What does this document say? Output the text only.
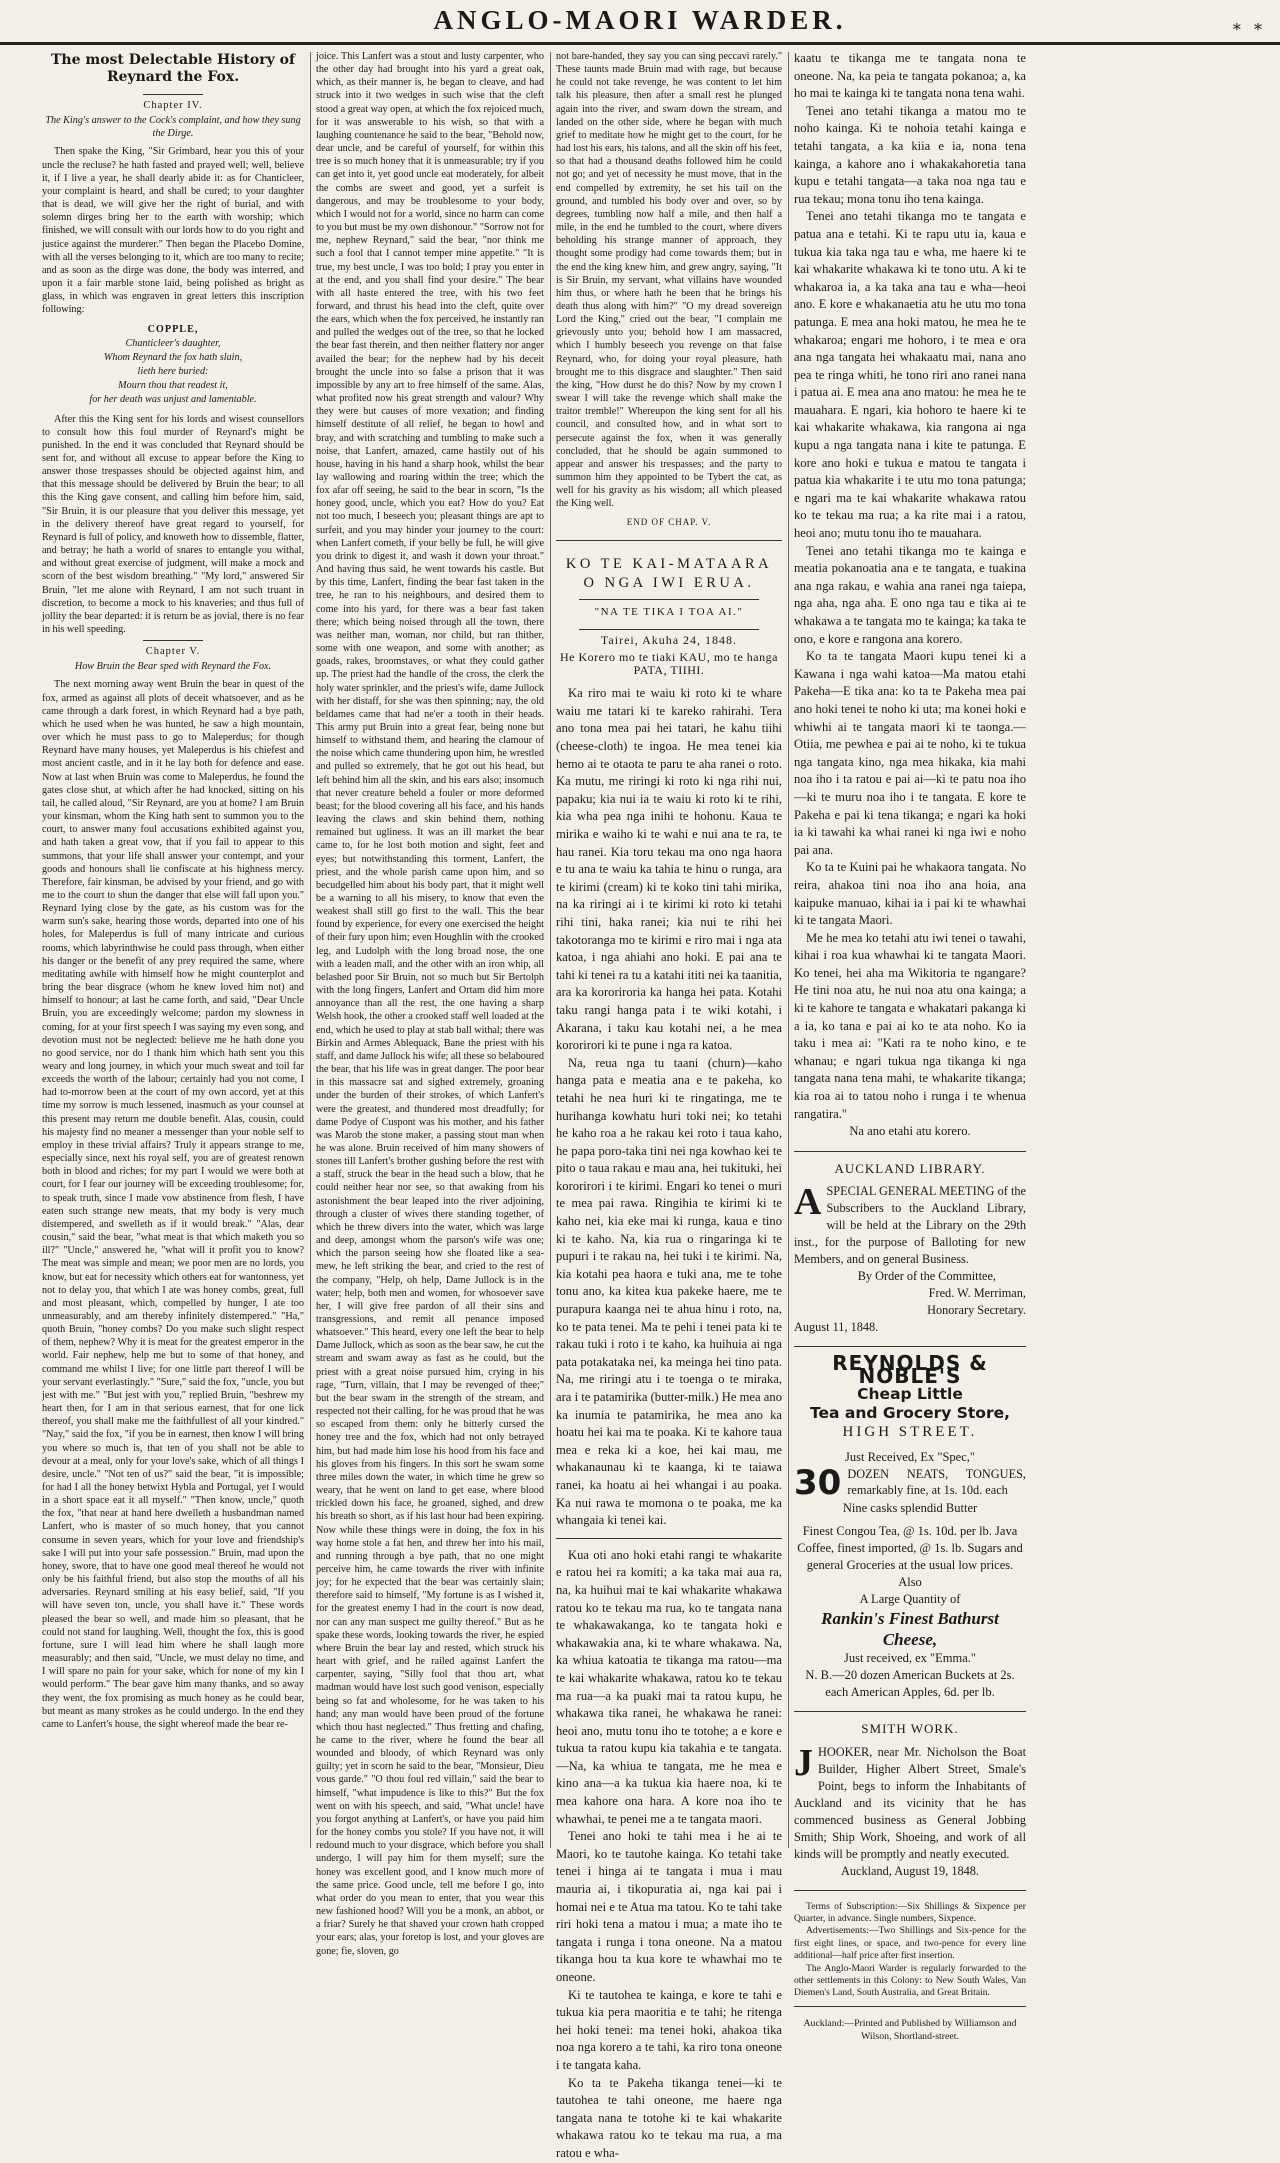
ANGLO-MAORI WARDER.	* *
The most Delectable History of Reynard the Fox.
Chapter IV.
The King's answer to the Cock's complaint, and how they sung the Dirge.

Then spake the King, "Sir Grimbard, hear you this of your uncle the recluse? he hath fasted and prayed well; well, believe it, if I live a year, he shall dearly abide it: as for Chanticleer, your complaint is heard, and shall be cured; to your daughter that is dead, we will give her the right of burial, and with solemn dirges bring her to the earth with worship; which finished, we will consult with our lords how to do you right and justice against the murderer." Then began the Placebo Domine, with all the verses belonging to it, which are too many to recite; and as soon as the dirge was done, the body was interred, and upon it a fair marble stone laid, being polished as bright as glass, in which was engraven in great letters this inscription following:

COPPLE,
Chanticleer's daughter,
Whom Reynard the fox hath slain,
lieth here buried:
Mourn thou that readest it,
for her death was unjust and lamentable.

After this the King sent for his lords and wisest counsellors to consult how this foul murder of Reynard's might be punished. In the end it was concluded that Reynard should be sent for, and without all excuse to appear before the King to answer those trespasses should be objected against him, and that this message should be delivered by Bruin the bear; to all this the King gave consent, and calling him before him, said, "Sir Bruin, it is our pleasure that you deliver this message, yet in the delivery thereof have great regard to yourself, for Reynard is full of policy, and knoweth how to dissemble, flatter, and betray; he hath a world of snares to entangle you withal, and without great exercise of judgment, will make a mock and scorn of the best wisdom breathing." "My lord," answered Sir Bruin, "let me alone with Reynard, I am not such truant in discretion, to become a mock to his knaveries; and thus full of jollity the bear departed: it is return be as jovial, there is no fear in his well speeding.

Chapter V.
How Bruin the Bear sped with Reynard the Fox.

The next morning away went Bruin the bear in quest of the fox, armed as against all plots of deceit whatsoever, and as he came through a dark forest, in which Reynard had a bye path, which he used when he was hunted, he saw a high mountain, over which he must pass to go to Maleperdus; for though Reynard have many houses, yet Maleperdus is his chiefest and most ancient castle, and in it he lay both for defence and ease. Now at last when Bruin was come to Maleperdus, he found the gates close shut, at which after he had knocked, sitting on his tail, he called aloud, "Sir Reynard, are you at home? I am Bruin your kinsman, whom the King hath sent to summon you to the court, to answer many foul accusations exhibited against you, and hath taken a great vow, that if you fail to appear to this summons, that your life shall answer your contempt, and your goods and honours shall lie confiscate at his highness mercy. Therefore, fair kinsman, be advised by your friend, and go with me to the court to shun the danger that else will fall upon you." Reynard lying close by the gate, as his custom was for the warm sun's sake, hearing those words, departed into one of his holes, for Maleperdus is full of many intricate and curious rooms, which labyrinthwise he could pass through, when either his danger or the benefit of any prey required the same, where meditating awhile with himself how he might counterplot and bring the bear disgrace (whom he knew loved him not) and himself to honour; at last he came forth, and said, "Dear Uncle Bruin, you are exceedingly welcome; pardon my slowness in coming, for at your first speech I was saying my even song, and devotion must not be neglected: believe me he hath done you no good service, nor do I thank him which hath sent you this weary and long journey, in which your much sweat and toil far exceeds the worth of the labour; certainly had you not come, I had to-morrow been at the court of my own accord, yet at this time my sorrow is much lessened, inasmuch as your counsel at this present may return me double benefit. Alas, cousin, could his majesty find no meaner a messenger than your noble self to employ in these trivial affairs? Truly it appears strange to me, especially since, next his royal self, you are of greatest renown both in blood and riches; for my part I would we were both at court, for I fear our journey will be exceeding troublesome; for, to speak truth, since I made vow abstinence from flesh, I have eaten such strange new meats, that my body is very much distempered, and swelleth as if it would break." "Alas, dear cousin," said the bear, "what meat is that which maketh you so ill?" "Uncle," answered he, "what will it profit you to know? The meat was simple and mean; we poor men are no lords, you know, but eat for necessity which others eat for wantonness, yet not to delay you, that which I ate was honey combs, great, full and most pleasant, which, compelled by hunger, I ate too unmeasurably, and am thereby infinitely distempered." "Ha," quoth Bruin, "honey combs? Do you make such slight respect of them, nephew? Why it is meat for the greatest emperor in the world. Fair nephew, help me but to some of that honey, and command me whilst I live; for one little part thereof I will be your servant everlastingly." "Sure," said the fox, "uncle, you but jest with me." "But jest with you," replied Bruin, "beshrew my heart then, for I am in that serious earnest, that for one lick thereof, you shall make me the faithfullest of all your kindred." "Nay," said the fox, "if you be in earnest, then know I will bring you where so much is, that ten of you shall not be able to devour at a meal, only for your love's sake, which of all things I desire, uncle." "Not ten of us?" said the bear, "it is impossible; for had I all the honey betwixt Hybla and Portugal, yet I would in a short space eat it all myself." "Then know, uncle," quoth the fox, "that near at hand here dwelleth a husbandman named Lanfert, who is master of so much honey, that you cannot consume in seven years, which for your love and friendship's sake I will put into your safe possession." Bruin, mad upon the honey, swore, that to have one good meal thereof he would not only be his faithful friend, but also stop the mouths of all his adversaries. Reynard smiling at his easy belief, said, "If you will have seven ton, uncle, you shall have it." These words pleased the bear so well, and made him so pleasant, that he could not stand for laughing. Well, thought the fox, this is good fortune, sure I will lead him where he shall laugh more measurably; and then said, "Uncle, we must delay no time, and I will spare no pain for your sake, which for none of my kin I would perform." The bear gave him many thanks, and so away they went, the fox promising as much honey as he could bear, but meant as many strokes as he could undergo. In the end they came to Lanfert's house, the sight whereof made the bear re-

joice. This Lanfert was a stout and lusty carpenter, who the other day had brought into his yard a great oak, which, as their manner is, he began to cleave, and had struck into it two wedges in such wise that the cleft stood a great way open, at which the fox rejoiced much, for it was answerable to his wish, so that with a laughing countenance he said to the bear, "Behold now, dear uncle, and be careful of yourself, for within this tree is so much honey that it is unmeasurable; try if you can get into it, yet good uncle eat moderately, for albeit the combs are sweet and good, yet a surfeit is dangerous, and may be troublesome to your body, which I would not for a world, since no harm can come to you but must be my own dishonour." "Sorrow not for me, nephew Reynard," said the bear, "nor think me such a fool that I cannot temper mine appetite." "It is true, my best uncle, I was too bold; I pray you enter in at the end, and you shall find your desire." The bear with all haste entered the tree, with his two feet forward, and thrust his head into the cleft, quite over the ears, which when the fox perceived, he instantly ran and pulled the wedges out of the tree, so that he locked the bear fast therein, and then neither flattery nor anger availed the bear; for the nephew had by his deceit brought the uncle into so false a prison that it was impossible by any art to free himself of the same. Alas, what profited now his great strength and valour? Why they were but causes of more vexation; and finding himself destitute of all relief, he began to howl and bray, and with scratching and tumbling to make such a noise, that Lanfert, amazed, came hastily out of his house, having in his hand a sharp hook, whilst the bear lay wallowing and roaring within the tree; which the fox afar off seeing, he said to the bear in scorn, "Is the honey good, uncle, which you eat? How do you? Eat not too much, I beseech you; pleasant things are apt to surfeit, and you may hinder your journey to the court: when Lanfert cometh, if your belly be full, he will give you drink to digest it, and wash it down your throat." And having thus said, he went towards his castle. But by this time, Lanfert, finding the bear fast taken in the tree, he ran to his neighbours, and desired them to come into his yard, for there was a bear fast taken there; which being noised through all the town, there was neither man, woman, nor child, but ran thither, some with one weapon, and some with another; as goads, rakes, broomstaves, or what they could gather up. The priest had the handle of the cross, the clerk the holy water sprinkler, and the priest's wife, dame Jullock with her distaff, for she was then spinning; nay, the old beldames came that had ne'er a tooth in their heads. This army put Bruin into a great fear, being none but himself to withstand them, and hearing the clamour of the noise which came thundering upon him, he wrestled and pulled so extremely, that he got out his head, but left behind him all the skin, and his ears also; insomuch that never creature beheld a fouler or more deformed beast; for the blood covering all his face, and his hands leaving the claws and skin behind them, nothing remained but ugliness. It was an ill market the bear came to, for he lost both motion and sight, feet and eyes; but notwithstanding this torment, Lanfert, the priest, and the whole parish came upon him, and so becudgelled him about his body part, that it might well be a warning to all his misery, to know that even the weakest shall still go first to the wall. This the bear found by experience, for every one exercised the height of their fury upon him; even Houghlin with the crooked leg, and Ludolph with the long broad nose, the one with a leaden mall, and the other with an iron whip, all belashed poor Sir Bruin, not so much but Sir Bertolph with the long fingers, Lanfert and Ortam did him more annoyance than all the rest, the one having a sharp Welsh hook, the other a crooked staff well loaded at the end, which he used to play at stab ball withal; there was Birkin and Armes Ablequack, Bane the priest with his staff, and dame Jullock his wife; all these so belaboured the bear, that his life was in great danger. The poor bear in this massacre sat and sighed extremely, groaning under the burden of their strokes, of which Lanfert's were the greatest, and thundered most dreadfully; for dame Podye of Cuspont was his mother, and his father was Marob the stone maker, a passing stout man when he was alone. Bruin received of him many showers of stones till Lanfert's brother gushing before the rest with a staff, struck the bear in the head such a blow, that he could neither hear nor see, so that awaking from his astonishment the bear leaped into the river adjoining, through a cluster of wives there standing together, of which he threw divers into the water, which was large and deep, amongst whom the parson's wife was one; which the parson seeing how she floated like a sea-mew, he left striking the bear, and cried to the rest of the company, "Help, oh help, Dame Jullock is in the water; help, both men and women, for whosoever save her, I will give free pardon of all their sins and transgressions, and remit all penance imposed whatsoever." This heard, every one left the bear to help Dame Jullock, which as soon as the bear saw, he cut the stream and swam away as fast as he could, but the priest with a great noise pursued him, crying in his rage, "Turn, villain, that I may be revenged of thee;" but the bear swam in the strength of the stream, and respected not their calling, for he was proud that he was so escaped from them: only he bitterly cursed the honey tree and the fox, which had not only betrayed him, but had made him lose his hood from his face and his gloves from his fingers. In this sort he swam some three miles down the water, in which time he grew so weary, that he went on land to get ease, where blood trickled down his face, he groaned, sighed, and drew his breath so short, as if his last hour had been expiring. Now while these things were in doing, the fox in his way home stole a fat hen, and threw her into his mail, and running through a bye path, that no one might perceive him, he came towards the river with infinite joy; for he expected that the bear was certainly slain; therefore said to himself, "My fortune is as I wished it, for the greatest enemy I had in the court is now dead, nor can any man suspect me guilty thereof." But as he spake these words, looking towards the river, he espied where Bruin the bear lay and rested, which struck his heart with grief, and he railed against Lanfert the carpenter, saying, "Silly fool that thou art, what madman would have lost such good venison, especially being so fat and wholesome, for he was taken to his hand; any man would have been proud of the fortune which thou hast neglected." Thus fretting and chafing, he came to the river, where he found the bear all wounded and bloody, of which Reynard was only guilty; yet in scorn he said to the bear, "Monsieur, Dieu vous garde." "O thou foul red villain," said the bear to himself, "what impudence is like to this?" But the fox went on with his speech, and said, "What uncle! have you forgot anything at Lanfert's, or have you paid him for the honey combs you stole? If you have not, it will redound much to your disgrace, which before you shall undergo, I will pay him for them myself; sure the honey was excellent good, and I know much more of the same price. Good uncle, tell me before I go, into what order do you mean to enter, that you wear this new fashioned hood? Will you be a monk, an abbot, or a friar? Surely he that shaved your crown hath cropped your ears; alas, your foretop is lost, and your gloves are gone; fie, sloven, go

not bare-handed, they say you can sing peccavi rarely." These taunts made Bruin mad with rage, but because he could not take revenge, he was content to let him talk his pleasure, then after a small rest he plunged again into the river, and swam down the stream, and landed on the other side, where he began with much grief to meditate how he might get to the court, for he had lost his ears, his talons, and all the skin off his feet, so that had a thousand deaths followed him he could not go; and yet of necessity he must move, that in the end compelled by extremity, he set his tail on the ground, and tumbled his body over and over, so by degrees, tumbling now half a mile, and then half a mile, in the end he tumbled to the court, where divers beholding his strange manner of approach, they thought some prodigy had come towards them; but in the end the king knew him, and grew angry, saying, "It is Sir Bruin, my servant, what villains have wounded him thus, or where hath he been that he brings his death thus along with him?" "O my dread sovereign Lord the King," cried out the bear, "I complain me grievously unto you; behold how I am massacred, which I humbly beseech you revenge on that false Reynard, who, for doing your royal pleasure, hath brought me to this disgrace and slaughter." Then said the king, "How durst he do this? Now by my crown I swear I will take the revenge which shall make the traitor tremble!" Whereupon the king sent for all his council, and consulted how, and in what sort to persecute against the fox, when it was generally concluded, that he should be again summoned to appear and answer his trespasses; and the party to summon him they appointed to be Tybert the cat, as well for his gravity as his wisdom; all which pleased the King well.

END OF CHAP. V.
KO TE KAI-MATAARA
O NGA IWI ERUA.
"NA TE TIKA I TOA AI."
Tairei, Akuha 24, 1848.
He Korero mo te tiaki KAU, mo te hanga PATA, TIIHI.

Ka riro mai te waiu ki roto ki te whare waiu me tatari ki te kareko rahirahi. Tera ano tona mea pai hei tatari, he kahu tiihi (cheese-cloth) te ingoa. He mea tenei kia hemo ai te otaota te paru te aha ranei o roto. Ka mutu, me riringi ki roto ki nga rihi nui, papaku; kia nui ia te waiu ki roto ki te rihi, kia wha pea nga inihi te hohonu. Kaua te mirika e waiho ki te wahi e nui ana te ra, te hau ranei. Kia toru tekau ma ono nga haora e tu ana te waiu ka tahia te hinu o runga, ara te kirimi (cream) ki te koko tini tahi mirika, na ka riringi ai i te kirimi ki roto ki tetahi rihi tini, haka ranei; kia nui te rihi hei takotoranga mo te kirimi e riro mai i nga ata katoa, i nga ahiahi ano hoki. E pai ana te tahi ki tenei ra tu a katahi ititi nei ka taanitia, ara ka kororiroria ka hanga hei pata. Kotahi taku rangi hanga pata i te wiki kotahi, i Akarana, i taku kau kotahi nei, a he mea kororirori ki te pune i nga ra katoa.

Na, reua nga tu taani (churn)—kaho hanga pata e meatia ana e te pakeha, ko tetahi he nea huri ki te ringatinga, me te hurihanga kowhatu huri toki nei; ko tetahi he kaho roa a he rakau kei roto i taua kaho, he papa poro-taka tini nei nga kowhao kei te pito o taua rakau e mau ana, hei tukituki, hei kororirori i te kirimi. Engari ko tenei o muri te mea pai rawa. Ringihia te kirimi ki te kaho nei, kia eke mai ki runga, kaua e tino ki te kaho. Na, kia rua o ringaringa ki te pupuri i te rakau na, hei tuki i te kirimi. Na, kia kotahi pea haora e tuki ana, me te tohe tonu ano, ka kitea kua pakeke haere, me te purapura kaanga nei te ahua hinu i roto, na, ko te pata tenei. Ma te pehi i tenei pata ki te rakau tuki i roto i te kaho, ka huihuia ai nga pata potakataka nei, ka meinga hei tino pata. Na, me riringi atu i te toenga o te miraka, ara i te patamirika (butter-milk.) He mea ano ka inumia te patamirika, he mea ano ka hoatu hei kai ma te poaka. Ki te kahore taua mea e reka ki a koe, hei kai mau, me whakanaunau ki te kaanga, ki te taiawa ranei, ka hoatu ai hei whangai i au poaka. Ka nui rawa te momona o te poaka, me ka whangaia ki tenei kai.

Kua oti ano hoki etahi rangi te whakarite e ratou hei ra komiti; a ka taka mai aua ra, na, ka huihui mai te kai whakarite whakawa ratou ko te tekau ma rua, ko te tangata nana te whakawakanga, ko te tangata hoki e whakawakia ana, ki te whare whakawa. Na, ka whiua katoatia te tikanga ma ratou—ma te kai whakarite whakawa, ratou ko te tekau ma rua—a ka puaki mai ta ratou kupu, he whakawa tika ranei, he whakawa he ranei: heoi ano, mutu tonu iho te totohe; a e kore e tukua ta ratou kupu kia takahia e te tangata.—Na, ka whiua te tangata, me he mea e kino ana—a ka tukua kia haere noa, ki te mea kahore ona hara. A kore noa iho te whawhai, te penei me a te tangata maori.

Tenei ano hoki te tahi mea i he ai te Maori, ko te tautohe kainga. Ko tetahi take tenei i hinga ai te tangata i mua i mau mauria ai, i tikopuratia ai, nga kai pai i homai nei e te Atua ma tatou. Ko te tahi take riri hoki tena a matou i mua; a mate iho te tangata i runga i tona oneone. Na a matou tikanga hou ta kua kore te whawhai mo te oneone.

Ki te tautohea te kainga, e kore te tahi e tukua kia pera maoritia e te tahi; he ritenga hei hoki tenei: ma tenei hoki, ahakoa tika noa nga korero a te tahi, ka riro tona oneone i te tangata kaha.

Ko ta te Pakeha tikanga tenei—ki te tautohea te tahi oneone, me haere nga tangata nana te totohe ki te kai whakarite whakawa ratou ko te tekau ma rua, a ma ratou e wha-

kaatu te tikanga me te tangata nona te oneone. Na, ka peia te tangata pokanoa; a, ka ho mai te kainga ki te tangata nona tena wahi.

Tenei ano tetahi tikanga a matou mo te noho kainga. Ki te nohoia tetahi kainga e tetahi tangata, a ka kiia e ia, nona tena kainga, a kahore ano i whakakahoretia tana kupu e tetahi tangata—a taka noa nga tau e rua tekau; mona tonu iho tena kainga.

Tenei ano tetahi tikanga mo te tangata e patua ana e tetahi. Ki te rapu utu ia, kaua e tukua kia taka nga tau e wha, me haere ki te kai whakarite whakawa ki te tono utu. A ki te whakaroa ia, a ka taka ana tau e wha—heoi ano. E kore e whakanaetia atu he utu mo tona patunga. E mea ana hoki matou, he mea he te whakaroa; engari me hohoro, i te mea e ora ana nga tangata hei whakaatu mai, nana ano pea te ringa whiti, he tono riri ano ranei nana i patua ai. E mea ana ano matou: he mea he te mauahara. E ngari, kia hohoro te haere ki te kai whakarite whakawa, kia rangona ai nga kupu a nga tangata nana i kite te patunga. E kore ano hoki e tukua e matou te tangata i patua kia whakarite i te utu mo tona patunga; e ngari ma te kai whakarite whakawa ratou ko te tekau ma rua; a ka rite mai i a ratou, heoi ano; mutu tonu iho te mauahara.

Tenei ano tetahi tikanga mo te kainga e meatia pokanoatia ana e te tangata, e tuakina ana nga rakau, e wahia ana ranei nga taiepa, nga aha, nga aha. E ono nga tau e tika ai te whakawa a te tangata mo te kainga; ka taka te ono, e kore e rangona ana korero.

Ko ta te tangata Maori kupu tenei ki a Kawana i nga wahi katoa—Ma matou etahi Pakeha—E tika ana: ko ta te Pakeha mea pai ano hoki tenei te noho ki uta; ma konei hoki e whiwhi ai te tangata maori ki te taonga.—Otiia, me pewhea e pai ai te noho, ki te tukua nga tangata kino, nga mea hikaka, kia mahi noa iho i ta ratou e pai ai—ki te patu noa iho—ki te muru noa iho i te tangata. E kore te Pakeha e pai ki tena tikanga; e ngari ka hoki ia ki tawahi ka whai ranei ki nga iwi e noho pai ana.

Ko ta te Kuini pai he whakaora tangata. No reira, ahakoa tini noa iho ana hoia, ana kaipuke manuao, kihai ia i pai ki te whawhai ki te tangata Maori.

Me he mea ko tetahi atu iwi tenei o tawahi, kihai i roa kua whawhai ki te tangata Maori. Ko tenei, hei aha ma Wikitoria te ngangare? He tini noa atu, he nui noa atu ona kainga; a ki te kahore te tangata e whakatari pakanga ki a ia, ko tana e pai ai ko te ata noho. Ko ia taku i mea ai: "Kati ra te noho kino, e te whanau; e ngari tukua nga tikanga ki nga tangata nana tena mahi, te whakarite tikanga; kia roa ai to tatou noho i runga i te whenua rangatira."

Na ano etahi atu korero.
AUCKLAND LIBRARY.
A SPECIAL GENERAL MEETING of the Subscribers to the Auckland Library, will be held at the Library on the 29th inst., for the purpose of Balloting for new Members, and on general Business.
By Order of the Committee,
Fred. W. Merriman,
Honorary Secretary.
August 11, 1848.
REYNOLDS & NOBLE'S
Cheap Little
Tea and Grocery Store,
HIGH STREET.
Just Received, Ex "Spec,"
30 DOZEN NEATS, TONGUES, remarkably fine, at 1s. 10d. each
Nine casks splendid Butter
Finest Congou Tea, @ 1s. 10d. per lb. Java Coffee, finest imported, @ 1s. lb. Sugars and general Groceries at the usual low prices.
Also
A Large Quantity of
Rankin's Finest Bathurst
Cheese,
Just received, ex "Emma."
N. B.—20 dozen American Buckets at 2s. each American Apples, 6d. per lb.
SMITH WORK.
J HOOKER, near Mr. Nicholson the Boat Builder, Higher Albert Street, Smale's Point, begs to inform the Inhabitants of Auckland and its vicinity that he has commenced business as General Jobbing Smith; Ship Work, Shoeing, and work of all kinds will be promptly and neatly executed.
Auckland, August 19, 1848.

Terms of Subscription:—Six Shillings & Sixpence per Quarter, in advance. Single numbers, Sixpence.

Advertisements:—Two Shillings and Six-pence for the first eight lines, or space, and two-pence for every line additional—half price after first insertion.

The Anglo-Maori Warder is regularly forwarded to the other settlements in this Colony: to New South Wales, Van Diemen's Land, South Australia, and Great Britain.

Auckland:—Printed and Published by Williamson and Wilson, Shortland-street.
